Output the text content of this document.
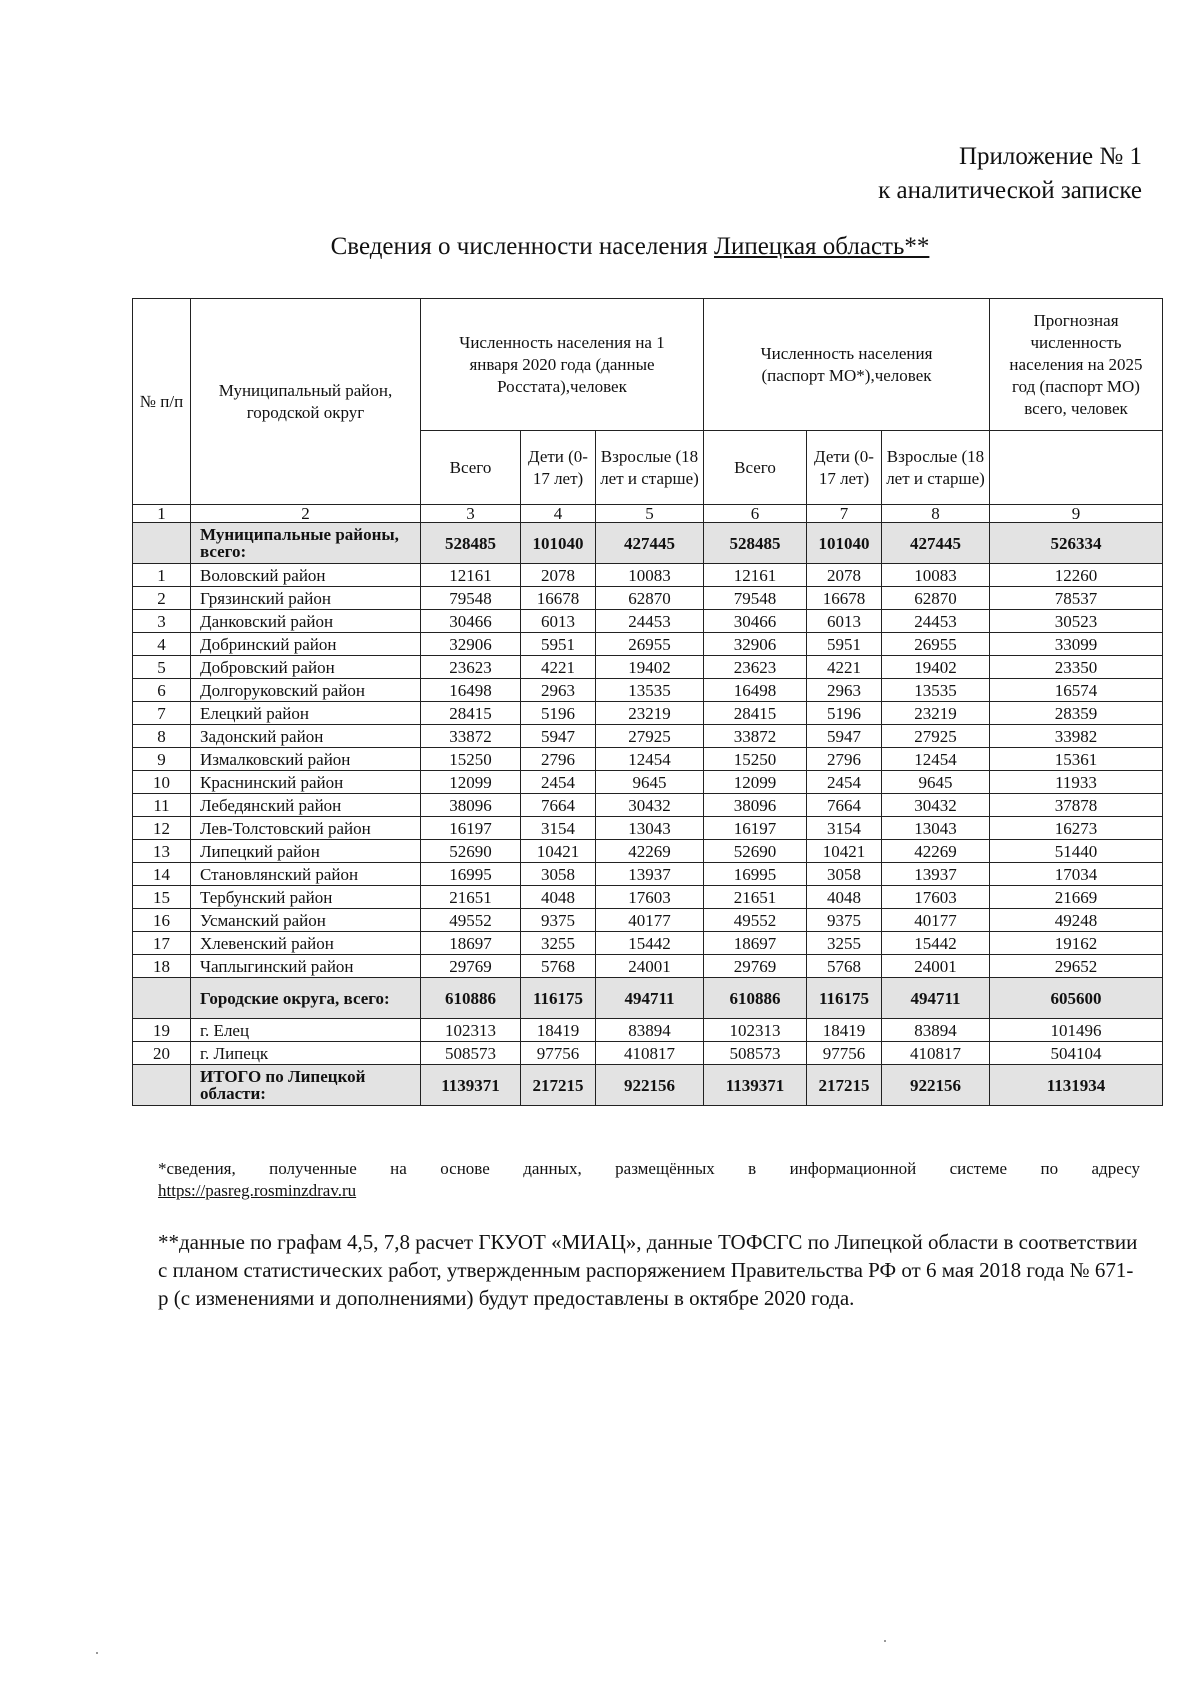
Приложение № 1
к аналитической записке
Сведения о численности населения Липецкая область**
№ п/п	Муниципальный район, городской округ	Численность населения на 1 января 2020 года (данные Росстата),человек			Численность населения (паспорт МО*),человек			Прогнозная численность населения на 2025 год (паспорт МО) всего, человек
		Всего	Дети (0-17 лет)	Взрослые (18 лет и старше)	Всего	Дети (0-17 лет)	Взрослые (18 лет и старше)	
1	2	3	4	5	6	7	8	9
	Муниципальные районы, всего:	528485	101040	427445	528485	101040	427445	526334
1	Воловский район	12161	2078	10083	12161	2078	10083	12260
2	Грязинский район	79548	16678	62870	79548	16678	62870	78537
3	Данковский район	30466	6013	24453	30466	6013	24453	30523
4	Добринский район	32906	5951	26955	32906	5951	26955	33099
5	Добровский район	23623	4221	19402	23623	4221	19402	23350
6	Долгоруковский район	16498	2963	13535	16498	2963	13535	16574
7	Елецкий район	28415	5196	23219	28415	5196	23219	28359
8	Задонский район	33872	5947	27925	33872	5947	27925	33982
9	Измалковский район	15250	2796	12454	15250	2796	12454	15361
10	Краснинский район	12099	2454	9645	12099	2454	9645	11933
11	Лебедянский район	38096	7664	30432	38096	7664	30432	37878
12	Лев-Толстовский район	16197	3154	13043	16197	3154	13043	16273
13	Липецкий район	52690	10421	42269	52690	10421	42269	51440
14	Становлянский район	16995	3058	13937	16995	3058	13937	17034
15	Тербунский район	21651	4048	17603	21651	4048	17603	21669
16	Усманский район	49552	9375	40177	49552	9375	40177	49248
17	Хлевенский район	18697	3255	15442	18697	3255	15442	19162
18	Чаплыгинский район	29769	5768	24001	29769	5768	24001	29652
	Городские округа, всего:	610886	116175	494711	610886	116175	494711	605600
19	г. Елец	102313	18419	83894	102313	18419	83894	101496
20	г. Липецк	508573	97756	410817	508573	97756	410817	504104
	ИТОГО по Липецкой области:	1139371	217215	922156	1139371	217215	922156	1131934
*сведения, полученные на основе данных, размещённых в информационной системе по адресу
https://pasreg.rosminzdrav.ru
**данные по графам 4,5, 7,8 расчет ГКУОТ «МИАЦ», данные ТОФСГС по Липецкой области в соответствии с планом статистических работ, утвержденным распоряжением Правительства РФ от 6 мая 2018 года № 671-р (с изменениями и дополнениями) будут предоставлены в октябре 2020 года.
